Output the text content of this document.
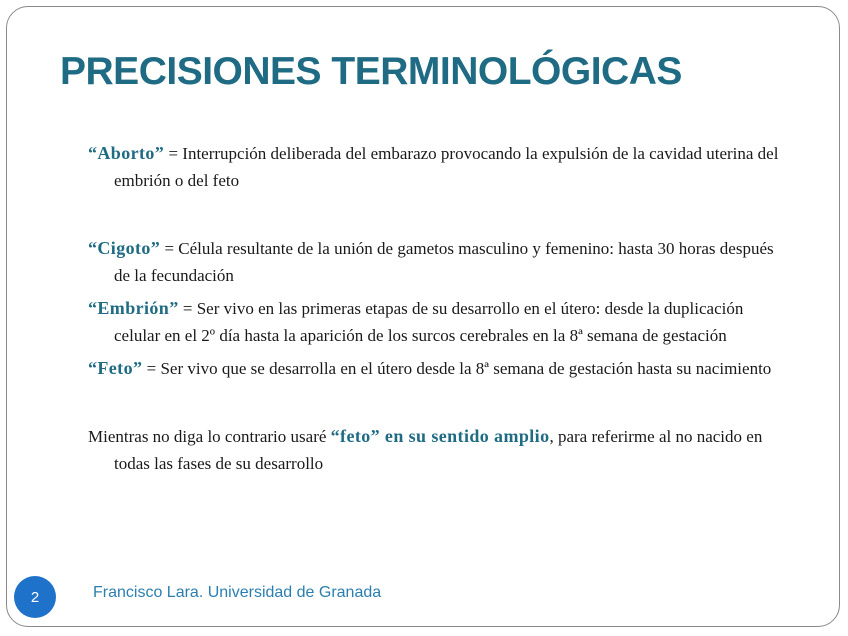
PRECISIONES TERMINOLÓGICAS

“Aborto” = Interrupción deliberada del embarazo provocando la expulsión de la cavidad uterina del embrión o del feto

“Cigoto” = Célula resultante de la unión de gametos masculino y femenino: hasta 30 horas después de la fecundación

“Embrión” = Ser vivo en las primeras etapas de su desarrollo en el útero: desde la duplicación celular en el 2º día hasta la aparición de los surcos cerebrales en la 8ª semana de gestación

“Feto” = Ser vivo que se desarrolla en el útero desde la 8ª semana de gestación hasta su nacimiento

Mientras no diga lo contrario usaré “feto” en su sentido amplio, para referirme al no nacido en todas las fases de su desarrollo

2	Francisco Lara. Universidad de Granada
